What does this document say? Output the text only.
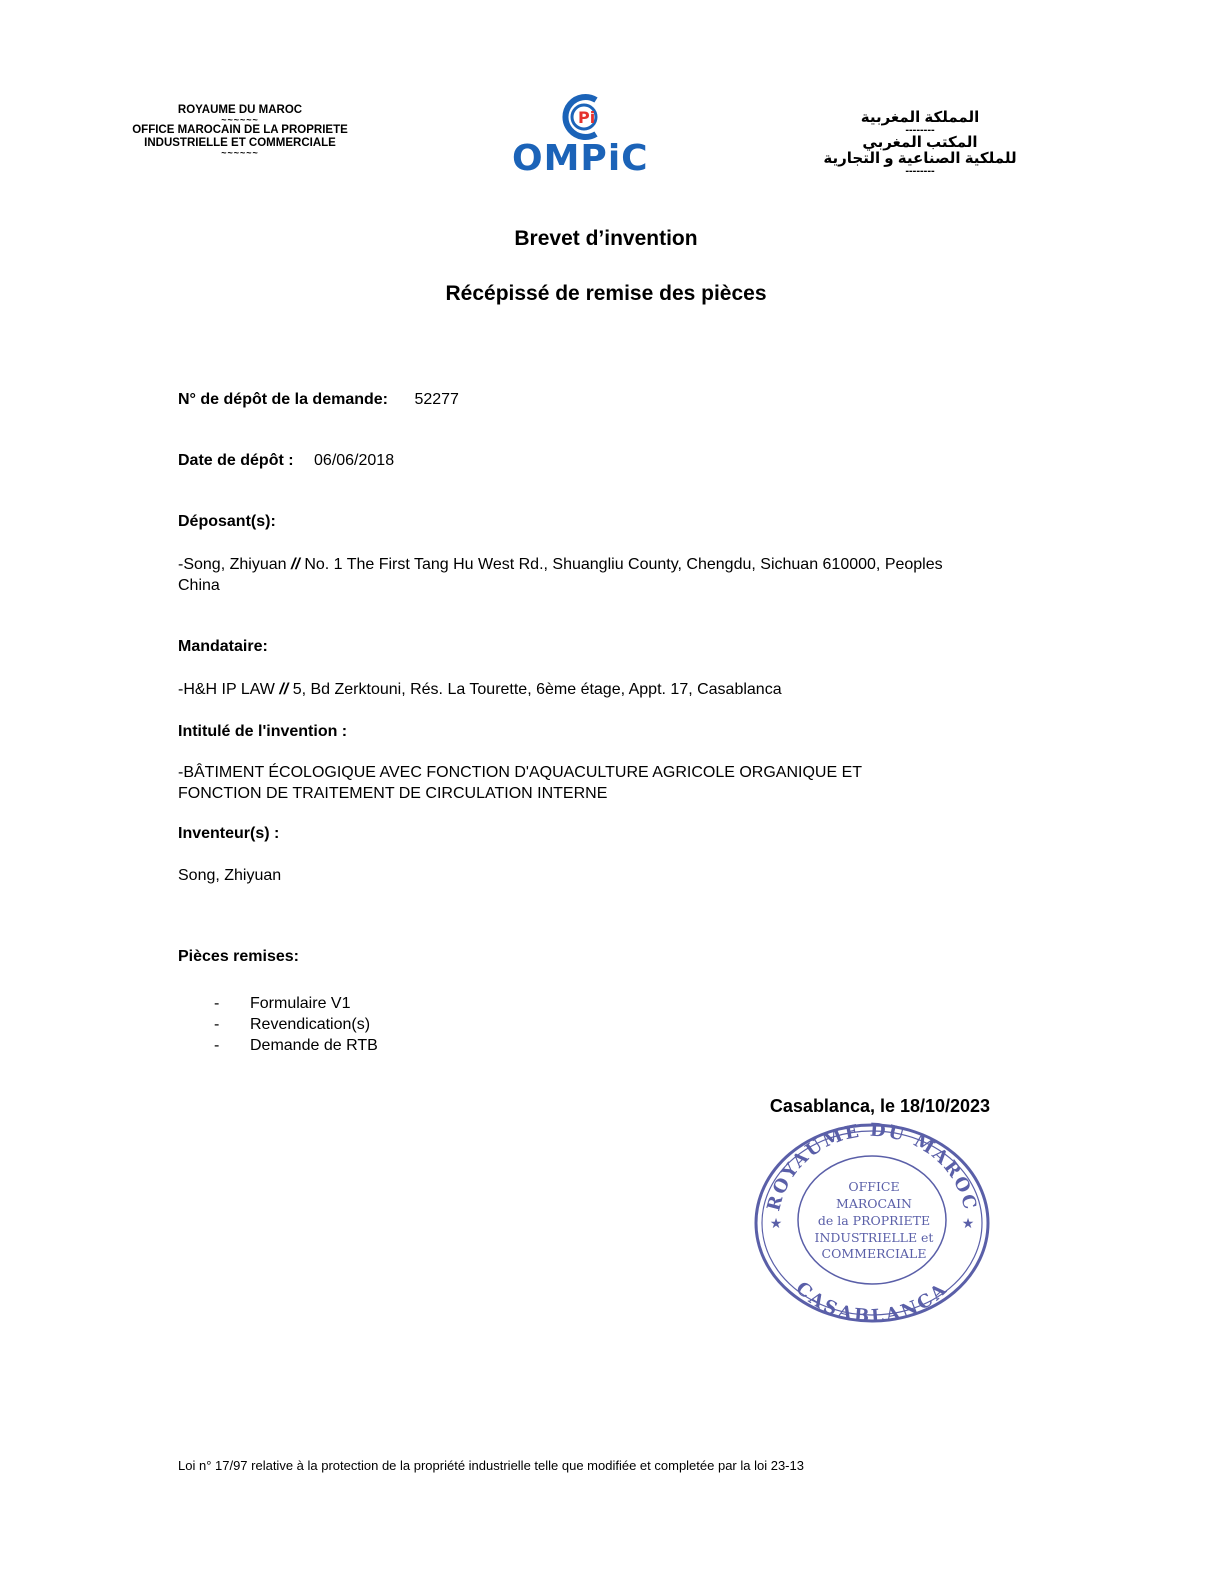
ROYAUME DU MAROC
~~~~~~
OFFICE MAROCAIN DE LA PROPRIETE
INDUSTRIELLE ET COMMERCIALE
~~~~~~
Pi
OMPiC
المملكة المغربية
--------
المكتب المغربي
للملكية الصناعية و التجارية
--------
Brevet d’invention
Récépissé de remise des pièces
N° de dépôt de la demande: 52277
Date de dépôt : 06/06/2018
Déposant(s):
-Song, Zhiyuan // No. 1 The First Tang Hu West Rd., Shuangliu County, Chengdu, Sichuan 610000, Peoples China
Mandataire:
-H&H IP LAW // 5, Bd Zerktouni, Rés. La Tourette, 6ème étage, Appt. 17, Casablanca
Intitulé de l'invention :
-BÂTIMENT ÉCOLOGIQUE AVEC FONCTION D'AQUACULTURE AGRICOLE ORGANIQUE ET
FONCTION DE TRAITEMENT DE CIRCULATION INTERNE
Inventeur(s) :
Song, Zhiyuan
Pièces remises:
- Formulaire V1
- Revendication(s)
- Demande de RTB
Casablanca, le 18/10/2023
ROYAUME DU MAROC
CASABLANCA
★	★
OFFICE
MAROCAIN
de la PROPRIETE
INDUSTRIELLE et
COMMERCIALE
Loi n° 17/97 relative à la protection de la propriété industrielle telle que modifiée et completée par la loi 23-13
